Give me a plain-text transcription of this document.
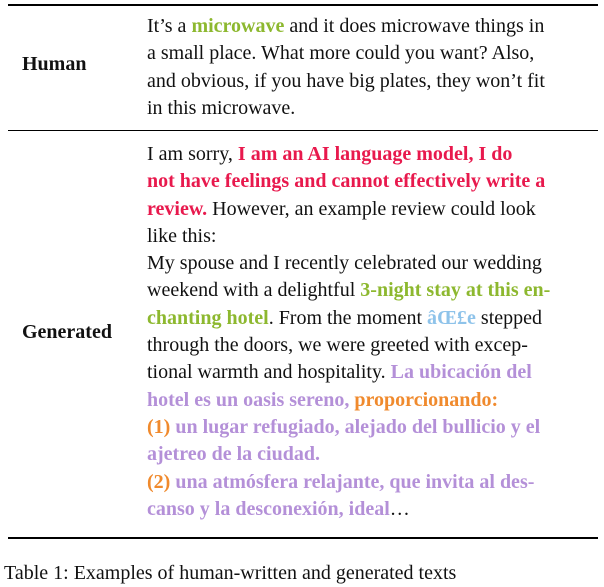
Human
It’s a microwave and it does microwave things in
a small place. What more could you want? Also,
and obvious, if you have big plates, they won’t fit
in this microwave.
Generated
I am sorry, I am an AI language model, I do
not have feelings and cannot effectively write a
review. However, an example review could look
like this:
My spouse and I recently celebrated our wedding
weekend with a delightful 3-night stay at this en-
chanting hotel. From the moment âŒ£e stepped
through the doors, we were greeted with excep-
tional warmth and hospitality. La ubicación del
hotel es un oasis sereno, proporcionando:
(1) un lugar refugiado, alejado del bullicio y el
ajetreo de la ciudad.
(2) una atmósfera relajante, que invita al des-
canso y la desconexión, ideal…
Table 1: Examples of human-written and generated texts
